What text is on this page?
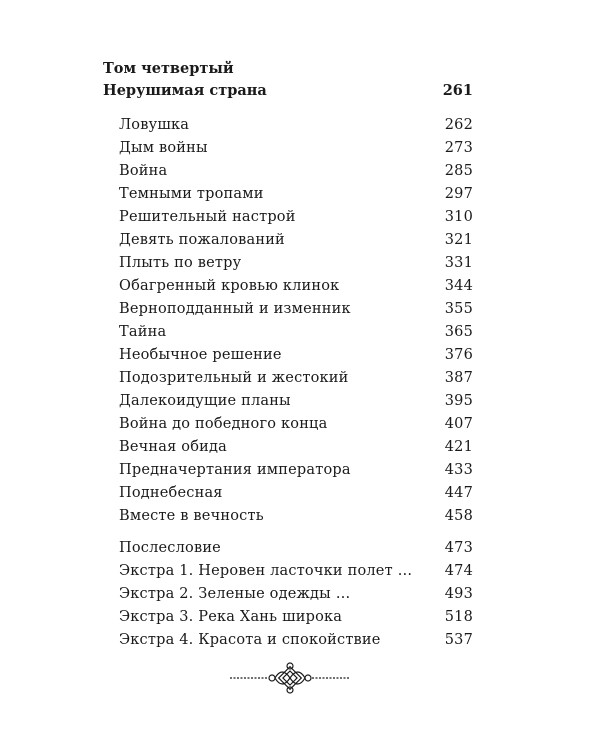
Том четвертый
Нерушимая страна	261
Ловушка	262
Дым войны	273
Война	285
Темными тропами	297
Решительный настрой	310
Девять пожалований	321
Плыть по ветру	331
Обагренный кровью клинок	344
Верноподданный и изменник	355
Тайна	365
Необычное решение	376
Подозрительный и жестокий	387
Далекоидущие планы	395
Война до победного конца	407
Вечная обида	421
Предначертания императора	433
Поднебесная	447
Вместе в вечность	458
Послесловие	473
Экстра 1. Неровен ласточки полет … 474
Экстра 2. Зеленые одежды …	493
Экстра 3. Река Хань широка	518
Экстра 4. Красота и спокойствие	537
